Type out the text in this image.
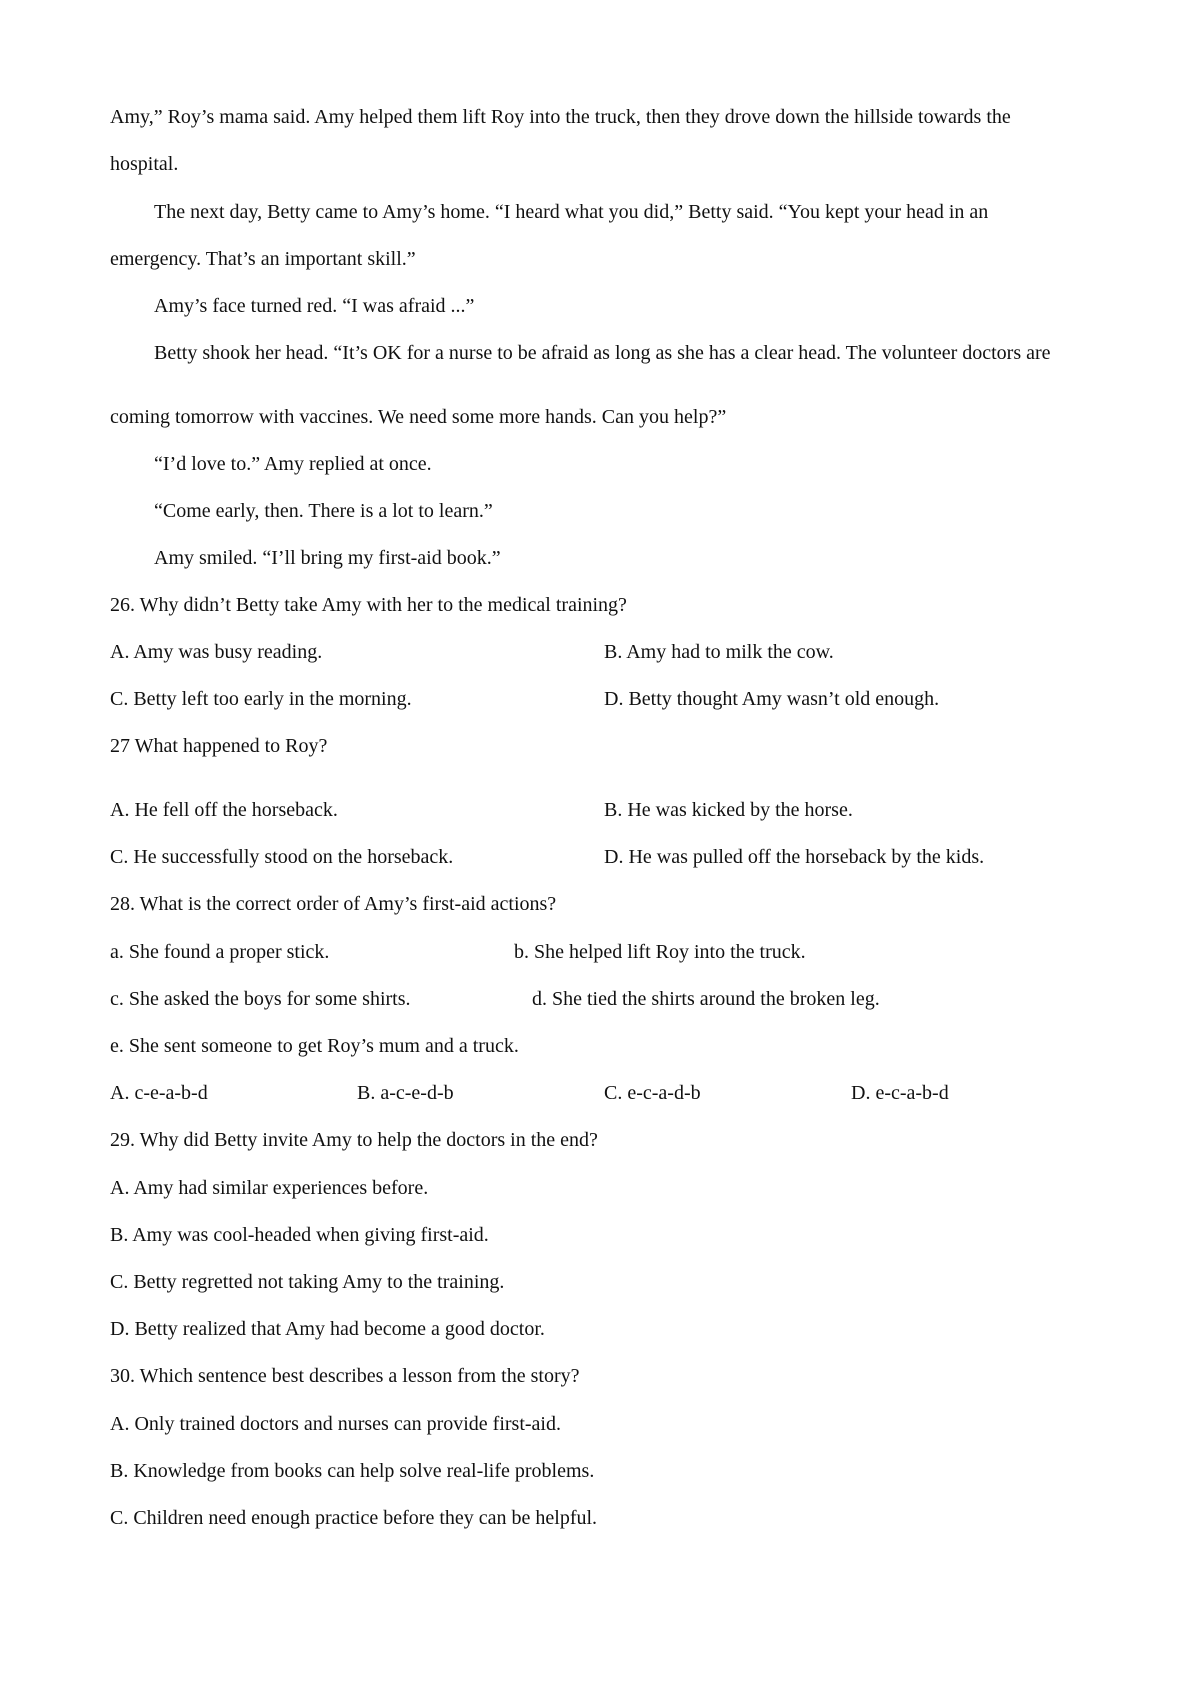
Amy,” Roy’s mama said. Amy helped them lift Roy into the truck, then they drove down the hillside towards the
hospital.
The next day, Betty came to Amy’s home. “I heard what you did,” Betty said. “You kept your head in an
emergency. That’s an important skill.”
Amy’s face turned red. “I was afraid ...”
Betty shook her head. “It’s OK for a nurse to be afraid as long as she has a clear head. The volunteer doctors are
coming tomorrow with vaccines. We need some more hands. Can you help?”
“I’d love to.” Amy replied at once.
“Come early, then. There is a lot to learn.”
Amy smiled. “I’ll bring my first-aid book.”
26. Why didn’t Betty take Amy with her to the medical training?
A. Amy was busy reading.	B. Amy had to milk the cow.
C. Betty left too early in the morning.	D. Betty thought Amy wasn’t old enough.
27 What happened to Roy?
A. He fell off the horseback.	B. He was kicked by the horse.
C. He successfully stood on the horseback.	D. He was pulled off the horseback by the kids.
28. What is the correct order of Amy’s first-aid actions?
a. She found a proper stick.	b. She helped lift Roy into the truck.
c. She asked the boys for some shirts.	d. She tied the shirts around the broken leg.
e. She sent someone to get Roy’s mum and a truck.
A. c-e-a-b-d	B. a-c-e-d-b	C. e-c-a-d-b	D. e-c-a-b-d
29. Why did Betty invite Amy to help the doctors in the end?
A. Amy had similar experiences before.
B. Amy was cool-headed when giving first-aid.
C. Betty regretted not taking Amy to the training.
D. Betty realized that Amy had become a good doctor.
30. Which sentence best describes a lesson from the story?
A. Only trained doctors and nurses can provide first-aid.
B. Knowledge from books can help solve real-life problems.
C. Children need enough practice before they can be helpful.
